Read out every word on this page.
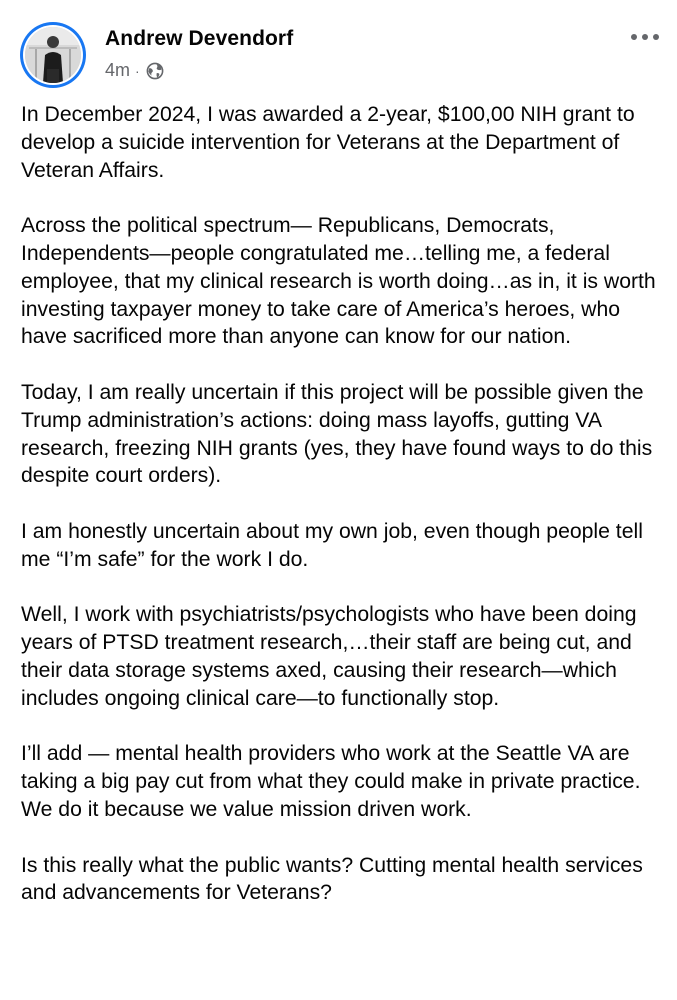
Andrew Devendorf
4m ·

In December 2024, I was awarded a 2-year, $100,00 NIH grant to develop a suicide intervention for Veterans at the Department of Veteran Affairs.

Across the political spectrum— Republicans, Democrats, Independents—people congratulated me…telling me, a federal employee, that my clinical research is worth doing…as in, it is worth investing taxpayer money to take care of America’s heroes, who have sacrificed more than anyone can know for our nation.

Today, I am really uncertain if this project will be possible given the Trump administration’s actions: doing mass layoffs, gutting VA research, freezing NIH grants (yes, they have found ways to do this despite court orders).

I am honestly uncertain about my own job, even though people tell me “I’m safe” for the work I do.

Well, I work with psychiatrists/psychologists who have been doing years of PTSD treatment research,…their staff are being cut, and their data storage systems axed, causing their research—which includes ongoing clinical care—to functionally stop.

I’ll add — mental health providers who work at the Seattle VA are taking a big pay cut from what they could make in private practice. We do it because we value mission driven work.

Is this really what the public wants? Cutting mental health services and advancements for Veterans?
